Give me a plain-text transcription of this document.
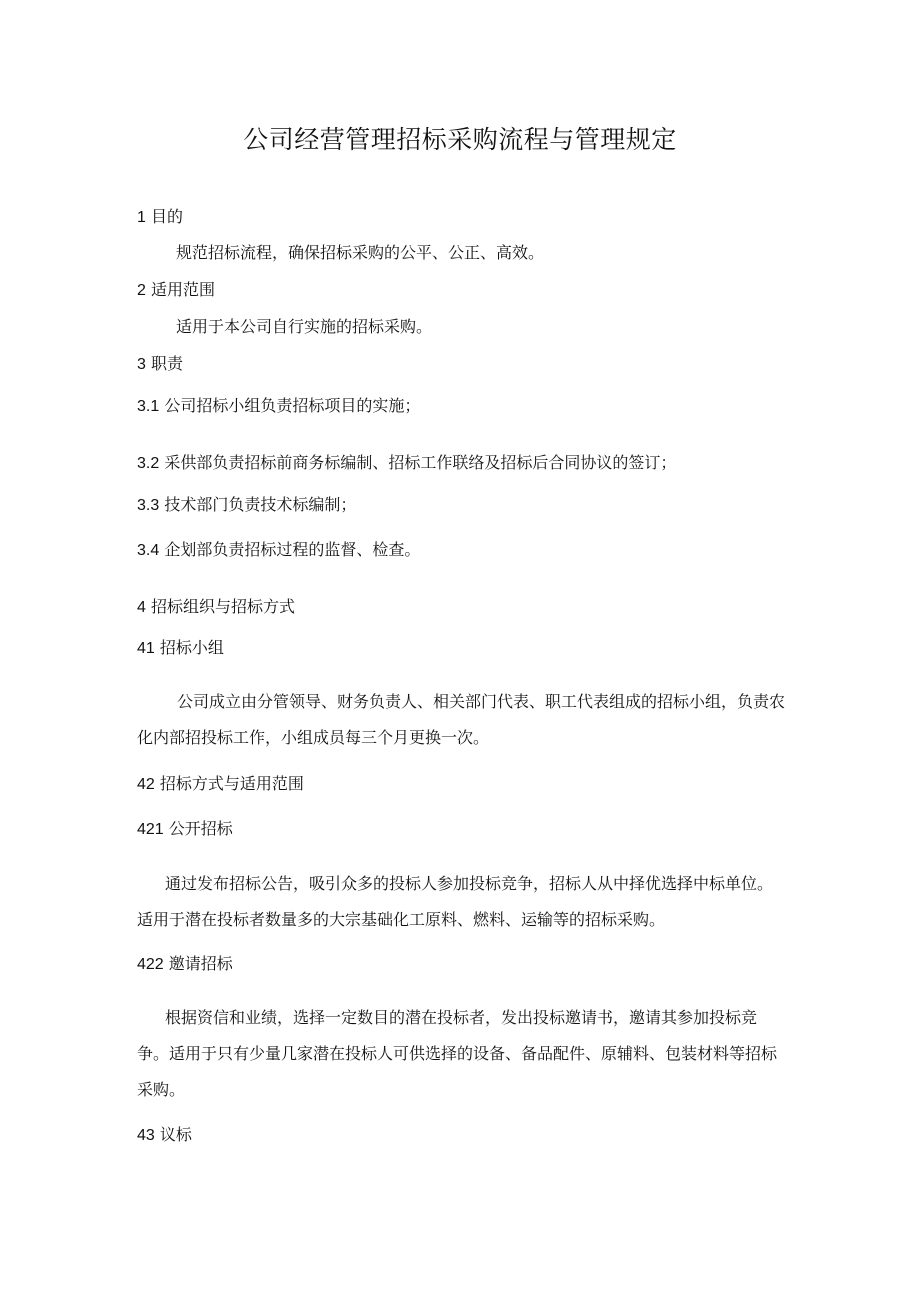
公司经营管理招标采购流程与管理规定
1 目的
规范招标流程，确保招标采购的公平、公正、高效。
2 适用范围
适用于本公司自行实施的招标采购。
3 职责
3.1 公司招标小组负责招标项目的实施；
3.2 采供部负责招标前商务标编制、招标工作联络及招标后合同协议的签订；
3.3 技术部门负责技术标编制；
3.4 企划部负责招标过程的监督、检查。
4 招标组织与招标方式
41 招标小组
公司成立由分管领导、财务负责人、相关部门代表、职工代表组成的招标小组，负责农化内部招投标工作，小组成员每三个月更换一次。
42 招标方式与适用范围
421 公开招标
通过发布招标公告，吸引众多的投标人参加投标竞争，招标人从中择优选择中标单位。适用于潜在投标者数量多的大宗基础化工原料、燃料、运输等的招标采购。
422 邀请招标
根据资信和业绩，选择一定数目的潜在投标者，发出投标邀请书，邀请其参加投标竞争。适用于只有少量几家潜在投标人可供选择的设备、备品配件、原辅料、包装材料等招标采购。
43 议标
